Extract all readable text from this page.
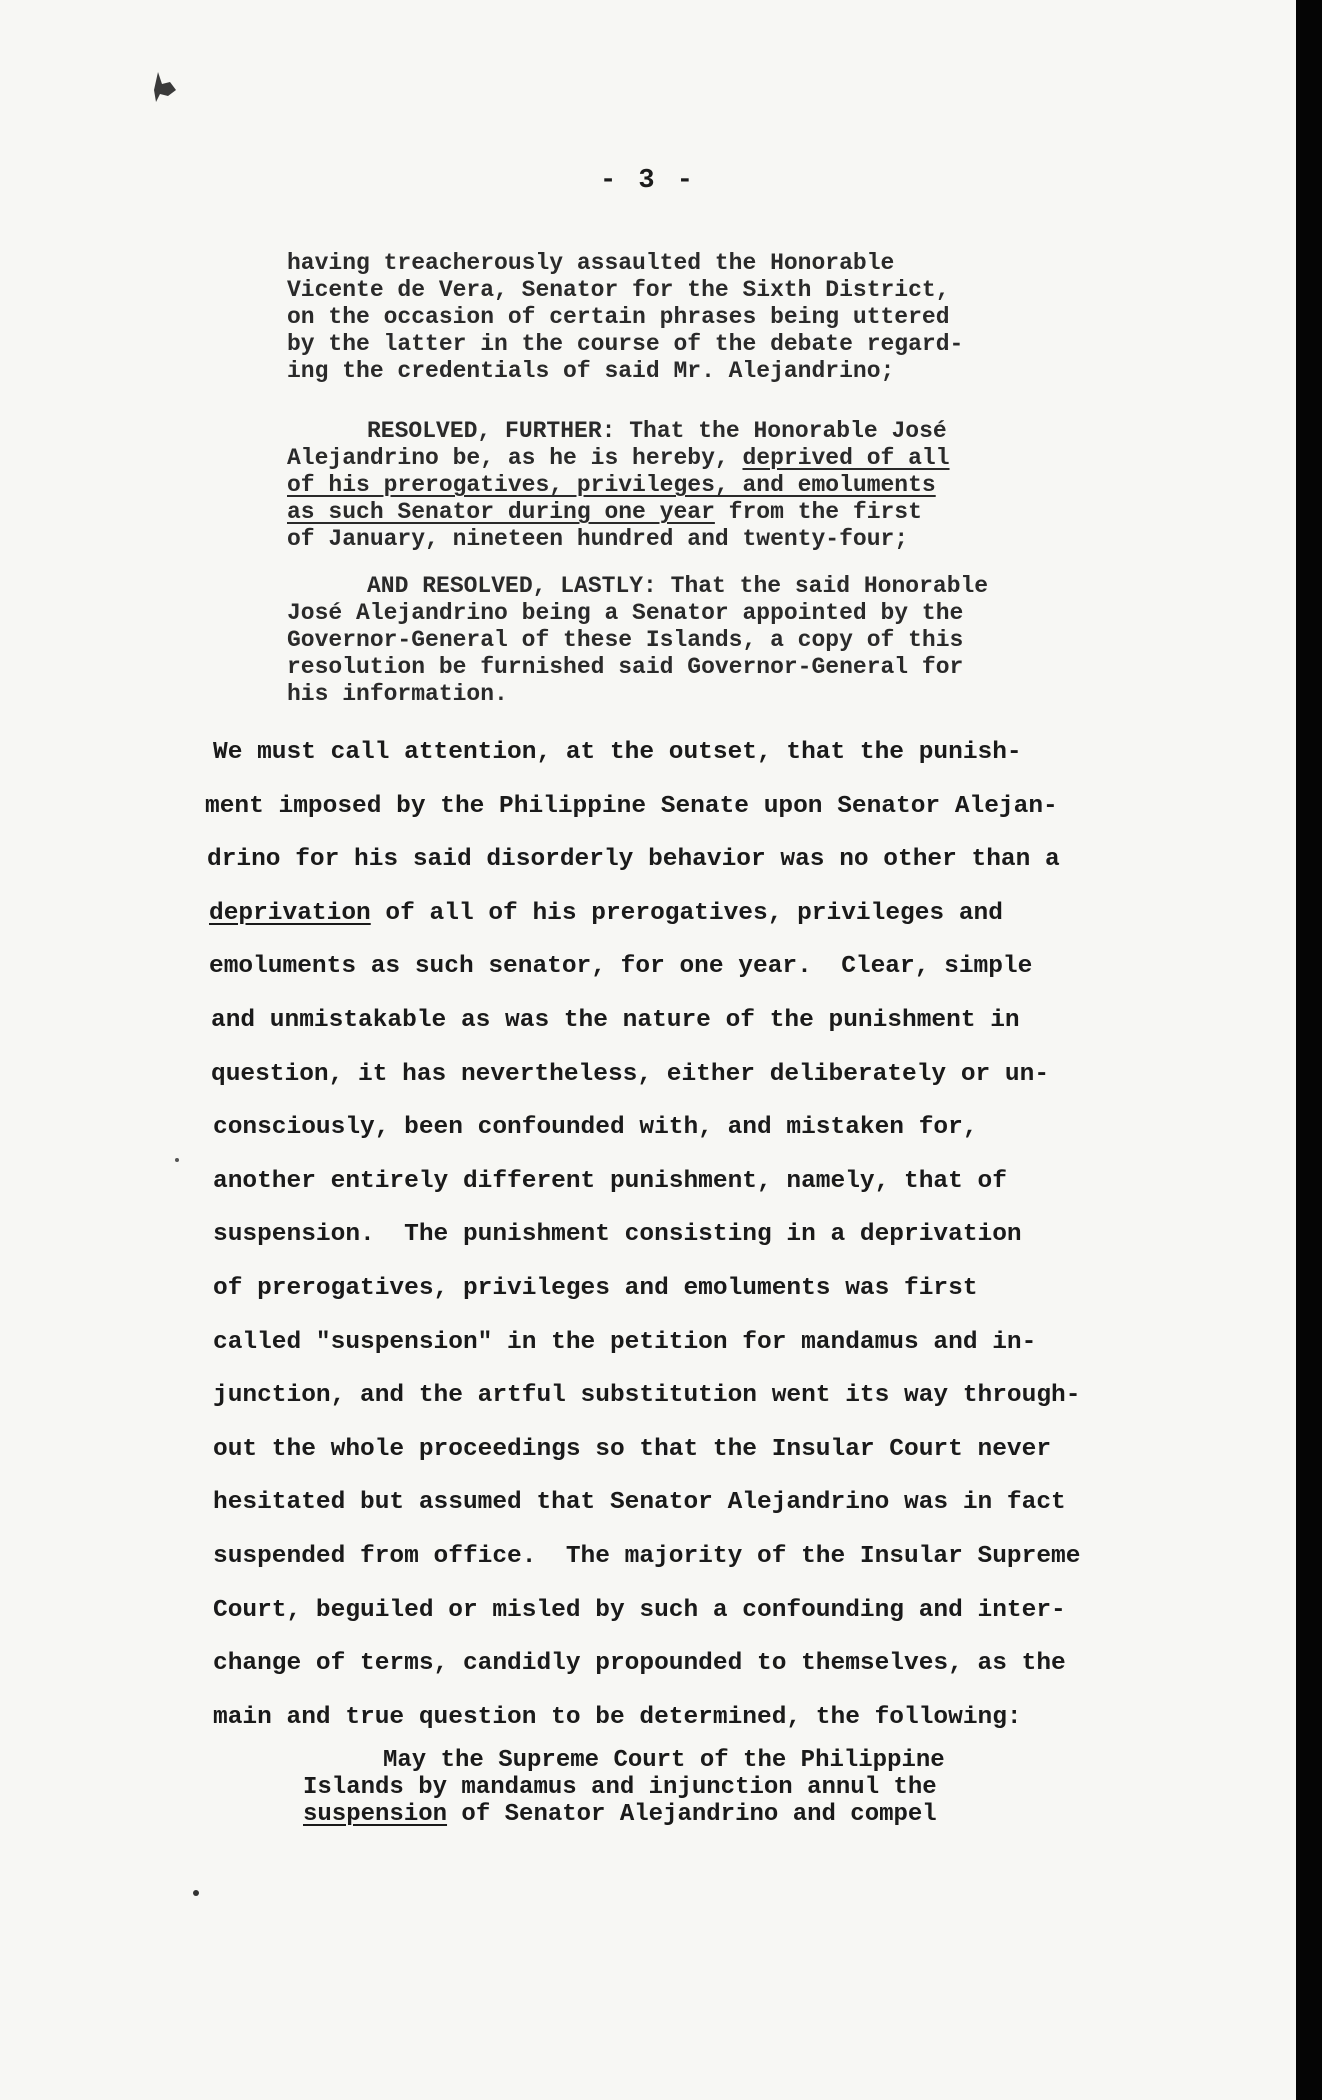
- 3 -
having treacherously assaulted the Honorable
Vicente de Vera, Senator for the Sixth District,
on the occasion of certain phrases being uttered
by the latter in the course of the debate regard-
ing the credentials of said Mr. Alejandrino;
RESOLVED, FURTHER: That the Honorable José
Alejandrino be, as he is hereby, deprived of all
of his prerogatives, privileges, and emoluments
as such Senator during one year from the first
of January, nineteen hundred and twenty-four;
AND RESOLVED, LASTLY: That the said Honorable
José Alejandrino being a Senator appointed by the
Governor-General of these Islands, a copy of this
resolution be furnished said Governor-General for
his information.
We must call attention, at the outset, that the punish-
ment imposed by the Philippine Senate upon Senator Alejan-
drino for his said disorderly behavior was no other than a
deprivation of all of his prerogatives, privileges and
emoluments as such senator, for one year.  Clear, simple
and unmistakable as was the nature of the punishment in
question, it has nevertheless, either deliberately or un-
consciously, been confounded with, and mistaken for,
another entirely different punishment, namely, that of
suspension.  The punishment consisting in a deprivation
of prerogatives, privileges and emoluments was first
called "suspension" in the petition for mandamus and in-
junction, and the artful substitution went its way through-
out the whole proceedings so that the Insular Court never
hesitated but assumed that Senator Alejandrino was in fact
suspended from office.  The majority of the Insular Supreme
Court, beguiled or misled by such a confounding and inter-
change of terms, candidly propounded to themselves, as the
main and true question to be determined, the following:
May the Supreme Court of the Philippine
Islands by mandamus and injunction annul the
suspension of Senator Alejandrino and compel
